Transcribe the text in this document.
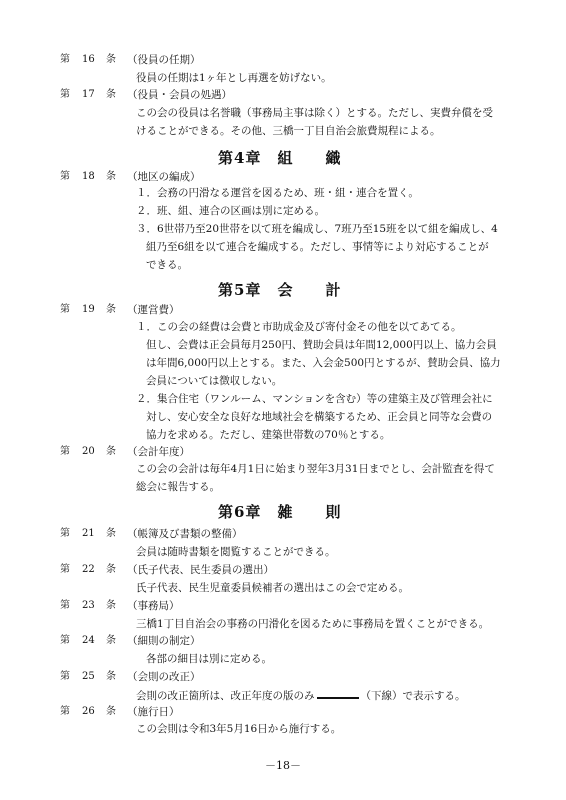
第 16 条 （役員の任期）
役員の任期は1ヶ年とし再選を妨げない。
第 17 条 （役員・会員の処遇）
この会の役員は名誉職（事務局主事は除く）とする。ただし、実費弁償を受
けることができる。その他、三橋一丁目自治会旅費規程による。
第4章　 組　　織
第 18 条 （地区の編成）
１．会務の円滑なる運営を図るため、班・組・連合を置く。
２．班、組、連合の区画は別に定める。
３．6世帯乃至20世帯を以て班を編成し、7班乃至15班を以て組を編成し、4
組乃至6組を以て連合を編成する。ただし、事情等により対応することが
できる。
第5章　 会　　計
第 19 条 （運営費）
１．この会の経費は会費と市助成金及び寄付金その他を以てあてる。
但し、会費は正会員毎月250円、賛助会員は年間12,000円以上、協力会員
は年間6,000円以上とする。また、入会金500円とするが、賛助会員、協力
会員については徴収しない。
２．集合住宅（ワンルーム、マンションを含む）等の建築主及び管理会社に
対し、安心安全な良好な地域社会を構築するため、正会員と同等な会費の
協力を求める。ただし、建築世帯数の70％とする。
第 20 条 （会計年度）
この会の会計は毎年4月1日に始まり翌年3月31日までとし、会計監査を得て
総会に報告する。
第6章　 雑　　則
第 21 条 （帳簿及び書類の整備）
会員は随時書類を閲覧することができる。
第 22 条 （氏子代表、民生委員の選出）
氏子代表、民生児童委員候補者の選出はこの会で定める。
第 23 条 （事務局）
三橋1丁目自治会の事務の円滑化を図るために事務局を置くことができる。
第 24 条 （細則の制定）
各部の細目は別に定める。
第 25 条 （会則の改正）
会則の改正箇所は、改正年度の版のみ	（下線）で表示する。
第 26 条 （施行日）
この会則は令和3年5月16日から施行する。
－18－
